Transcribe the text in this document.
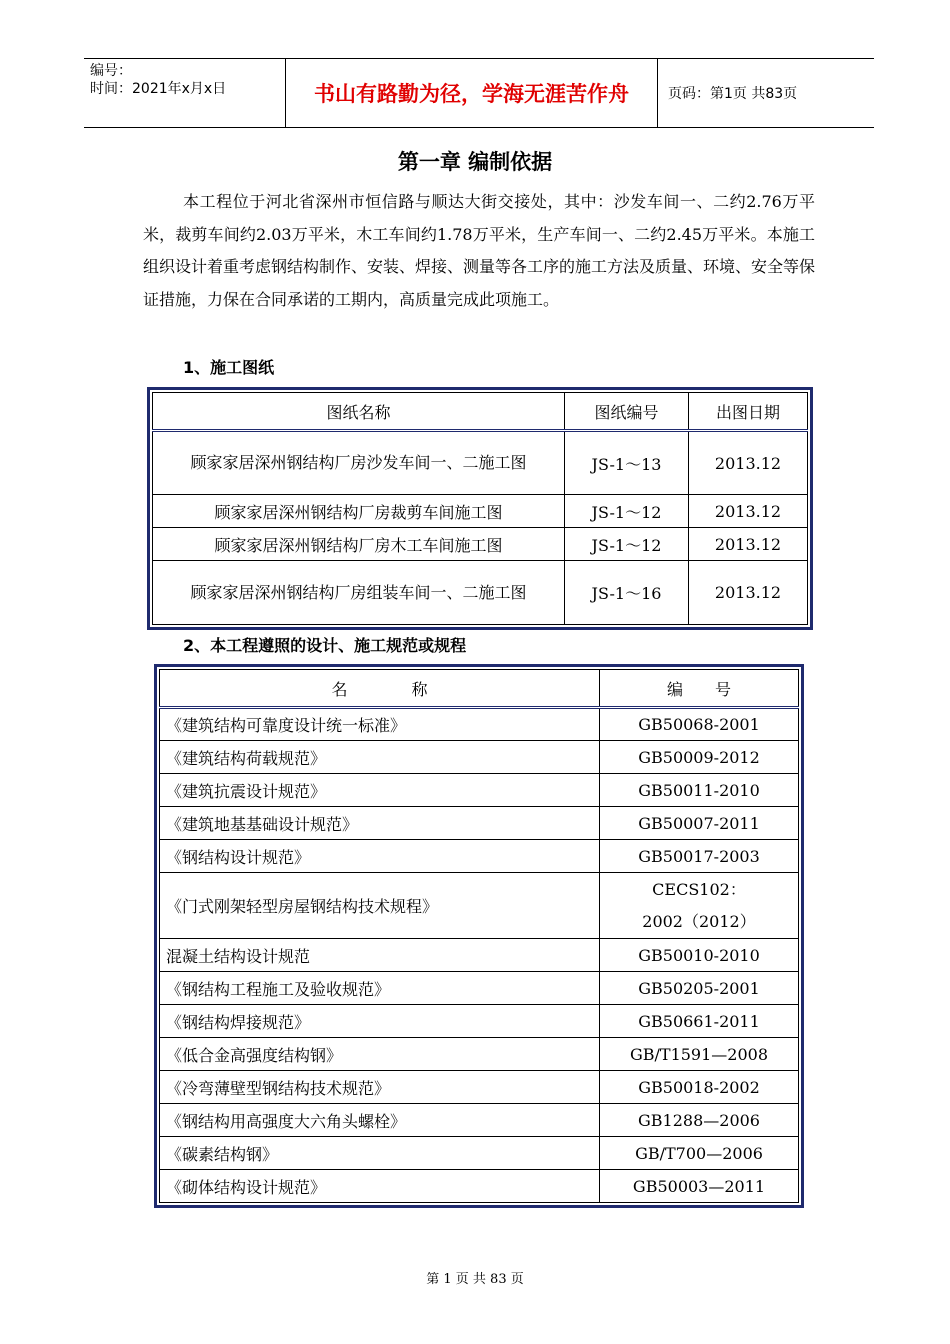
编号：
时间：2021年x月x日	书山有路勤为径，学海无涯苦作舟	页码：第1页 共83页
第一章 编制依据
本工程位于河北省深州市恒信路与顺达大街交接处，其中：沙发车间一、二约2.76万平米，裁剪车间约2.03万平米，木工车间约1.78万平米，生产车间一、二约2.45万平米。本施工组织设计着重考虑钢结构制作、安装、焊接、测量等各工序的施工方法及质量、环境、安全等保证措施，力保在合同承诺的工期内，高质量完成此项施工。
1、施工图纸
图纸名称	图纸编号	出图日期
顾家家居深州钢结构厂房沙发车间一、二施工图	JS-1～13	2013.12
顾家家居深州钢结构厂房裁剪车间施工图	JS-1～12	2013.12
顾家家居深州钢结构厂房木工车间施工图	JS-1～12	2013.12
顾家家居深州钢结构厂房组装车间一、二施工图	JS-1～16	2013.12
2、本工程遵照的设计、施工规范或规程
名　　　　称	编　　号
《建筑结构可靠度设计统一标准》	GB50068-2001
《建筑结构荷载规范》	GB50009-2012
《建筑抗震设计规范》	GB50011-2010
《建筑地基基础设计规范》	GB50007-2011
《钢结构设计规范》	GB50017-2003
《门式刚架轻型房屋钢结构技术规程》	CECS102：2002（2012）
混凝土结构设计规范	GB50010-2010
《钢结构工程施工及验收规范》	GB50205-2001
《钢结构焊接规范》	GB50661-2011
《低合金高强度结构钢》	GB/T1591—2008
《冷弯薄壁型钢结构技术规范》	GB50018-2002
《钢结构用高强度大六角头螺栓》	GB1288—2006
《碳素结构钢》	GB/T700—2006
《砌体结构设计规范》	GB50003—2011
第 1 页 共 83 页
